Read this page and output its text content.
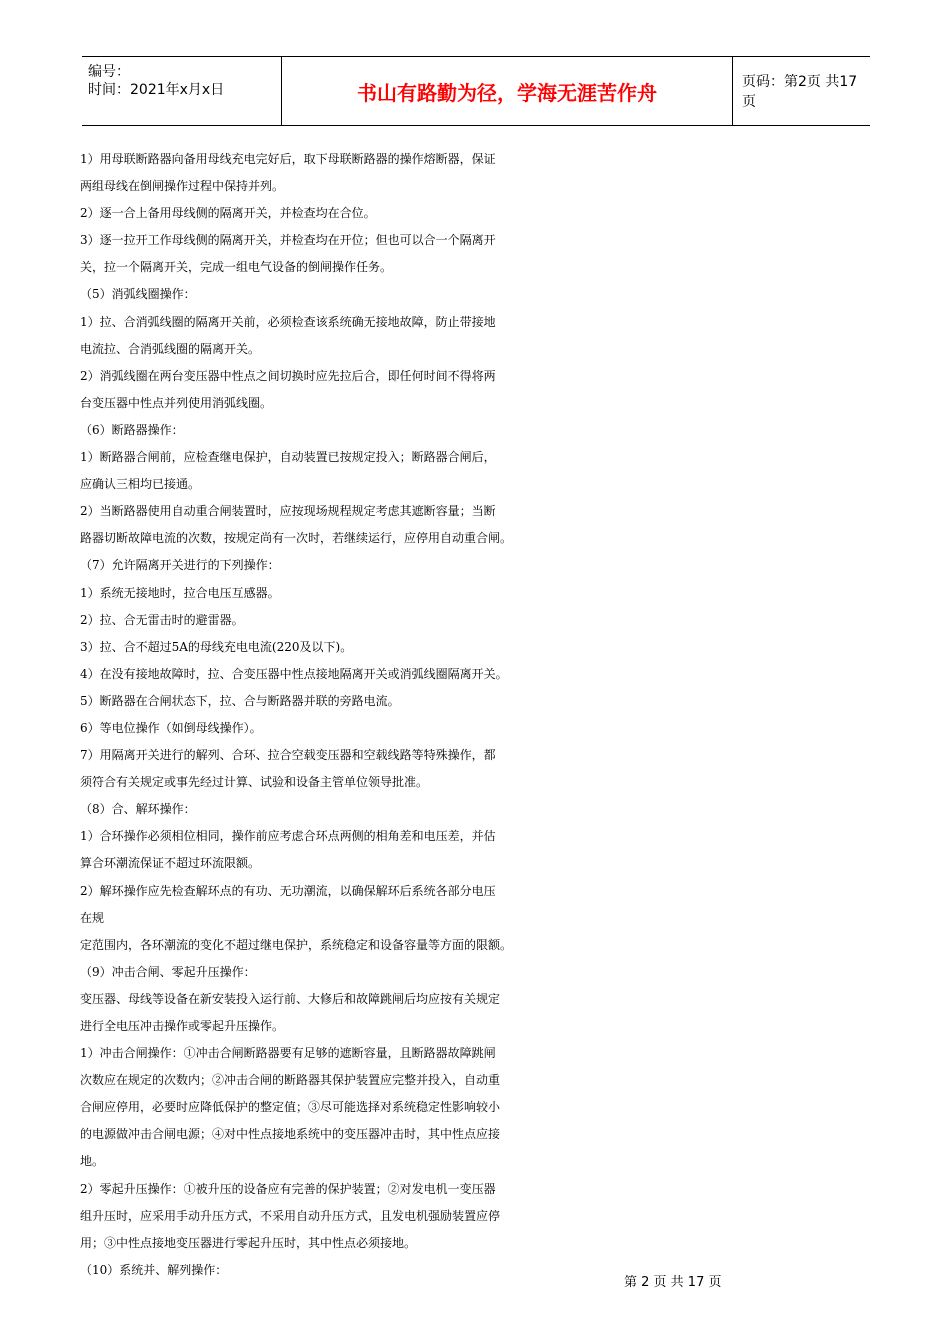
编号：
时间：2021年x月x日	书山有路勤为径，学海无涯苦作舟	页码：第2页 共17页

1）用母联断路器向备用母线充电完好后，取下母联断路器的操作熔断器，保证

两组母线在倒闸操作过程中保持并列。

2）逐一合上备用母线侧的隔离开关，并检查均在合位。

3）逐一拉开工作母线侧的隔离开关，并检查均在开位；但也可以合一个隔离开

关，拉一个隔离开关，完成一组电气设备的倒闸操作任务。

（5）消弧线圈操作：

1）拉、合消弧线圈的隔离开关前，必须检查该系统确无接地故障，防止带接地

电流拉、合消弧线圈的隔离开关。

2）消弧线圈在两台变压器中性点之间切换时应先拉后合，即任何时间不得将两

台变压器中性点并列使用消弧线圈。

（6）断路器操作：

1）断路器合闸前，应检查继电保护，自动装置已按规定投入；断路器合闸后，

应确认三相均已接通。

2）当断路器使用自动重合闸装置时，应按现场规程规定考虑其遮断容量；当断

路器切断故障电流的次数，按规定尚有一次时，若继续运行，应停用自动重合闸。

（7）允许隔离开关进行的下列操作：

1）系统无接地时，拉合电压互感器。

2）拉、合无雷击时的避雷器。

3）拉、合不超过5A的母线充电电流(220及以下)。

4）在没有接地故障时，拉、合变压器中性点接地隔离开关或消弧线圈隔离开关。

5）断路器在合闸状态下，拉、合与断路器并联的旁路电流。

6）等电位操作（如倒母线操作）。

7）用隔离开关进行的解列、合环、拉合空载变压器和空载线路等特殊操作，都

须符合有关规定或事先经过计算、试验和设备主管单位领导批准。

（8）合、解环操作：

1）合环操作必须相位相同，操作前应考虑合环点两侧的相角差和电压差，并估

算合环潮流保证不超过环流限额。

2）解环操作应先检查解环点的有功、无功潮流，以确保解环后系统各部分电压

在规

定范围内，各环潮流的变化不超过继电保护，系统稳定和设备容量等方面的限额。

（9）冲击合闸、零起升压操作：

变压器、母线等设备在新安装投入运行前、大修后和故障跳闸后均应按有关规定

进行全电压冲击操作或零起升压操作。

1）冲击合闸操作：①冲击合闸断路器要有足够的遮断容量，且断路器故障跳闸

次数应在规定的次数内；②冲击合闸的断路器其保护装置应完整并投入，自动重

合闸应停用，必要时应降低保护的整定值；③尽可能选择对系统稳定性影响较小

的电源做冲击合闸电源；④对中性点接地系统中的变压器冲击时，其中性点应接

地。

2）零起升压操作：①被升压的设备应有完善的保护装置；②对发电机一变压器

组升压时，应采用手动升压方式，不采用自动升压方式，且发电机强励装置应停

用；③中性点接地变压器进行零起升压时，其中性点必须接地。

（10）系统并、解列操作：

第 2 页 共 17 页
